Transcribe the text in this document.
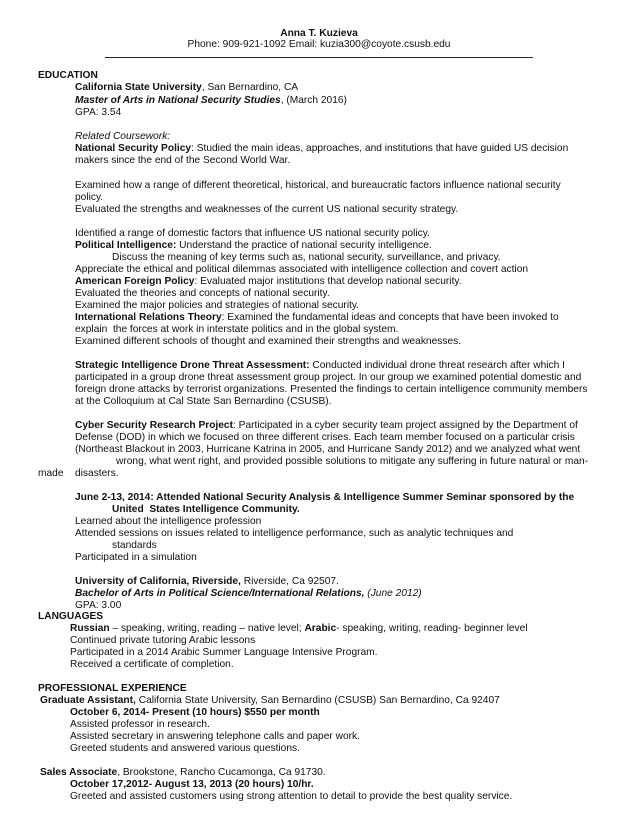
Anna T. Kuzieva
Phone: 909-921-1092 Email: kuzia300@coyote.csusb.edu
EDUCATION
California State University, San Bernardino, CA
Master of Arts in National Security Studies, (March 2016)
GPA: 3.54
Related Coursework:
National Security Policy: Studied the main ideas, approaches, and institutions that have guided US decision
makers since the end of the Second World War.
Examined how a range of different theoretical, historical, and bureaucratic factors influence national security
policy.
Evaluated the strengths and weaknesses of the current US national security strategy.
Identified a range of domestic factors that influence US national security policy.
Political Intelligence: Understand the practice of national security intelligence.
Discuss the meaning of key terms such as, national security, surveillance, and privacy.
Appreciate the ethical and political dilemmas associated with intelligence collection and covert action
American Foreign Policy: Evaluated major institutions that develop national security.
Evaluated the theories and concepts of national security.
Examined the major policies and strategies of national security.
International Relations Theory: Examined the fundamental ideas and concepts that have been invoked to
explain  the forces at work in interstate politics and in the global system.
Examined different schools of thought and examined their strengths and weaknesses.
Strategic Intelligence Drone Threat Assessment: Conducted individual drone threat research after which I
participated in a group drone threat assessment group project. In our group we examined potential domestic and
foreign drone attacks by terrorist organizations. Presented the findings to certain intelligence community members
at the Colloquium at Cal State San Bernardino (CSUSB).
Cyber Security Research Project: Participated in a cyber security team project assigned by the Department of
Defense (DOD) in which we focused on three different crises. Each team member focused on a particular crisis
(Northeast Blackout in 2003, Hurricane Katrina in 2005, and Hurricane Sandy 2012) and we analyzed what went
wrong, what went right, and provided possible solutions to mitigate any suffering in future natural or man-
made disasters.
June 2-13, 2014: Attended National Security Analysis & Intelligence Summer Seminar sponsored by the
United  States Intelligence Community.
Learned about the intelligence profession
Attended sessions on issues related to intelligence performance, such as analytic techniques and
standards
Participated in a simulation
University of California, Riverside, Riverside, Ca 92507.
Bachelor of Arts in Political Science/International Relations, (June 2012)
GPA: 3.00
LANGUAGES
Russian – speaking, writing, reading – native level; Arabic- speaking, writing, reading- beginner level
Continued private tutoring Arabic lessons
Participated in a 2014 Arabic Summer Language Intensive Program.
Received a certificate of completion.
PROFESSIONAL EXPERIENCE
Graduate Assistant, California State University, San Bernardino (CSUSB) San Bernardino, Ca 92407
October 6, 2014- Present (10 hours) $550 per month
Assisted professor in research.
Assisted secretary in answering telephone calls and paper work.
Greeted students and answered various questions.
Sales Associate, Brookstone, Rancho Cucamonga, Ca 91730.
October 17,2012- August 13, 2013 (20 hours) 10/hr.
Greeted and assisted customers using strong attention to detail to provide the best quality service.
